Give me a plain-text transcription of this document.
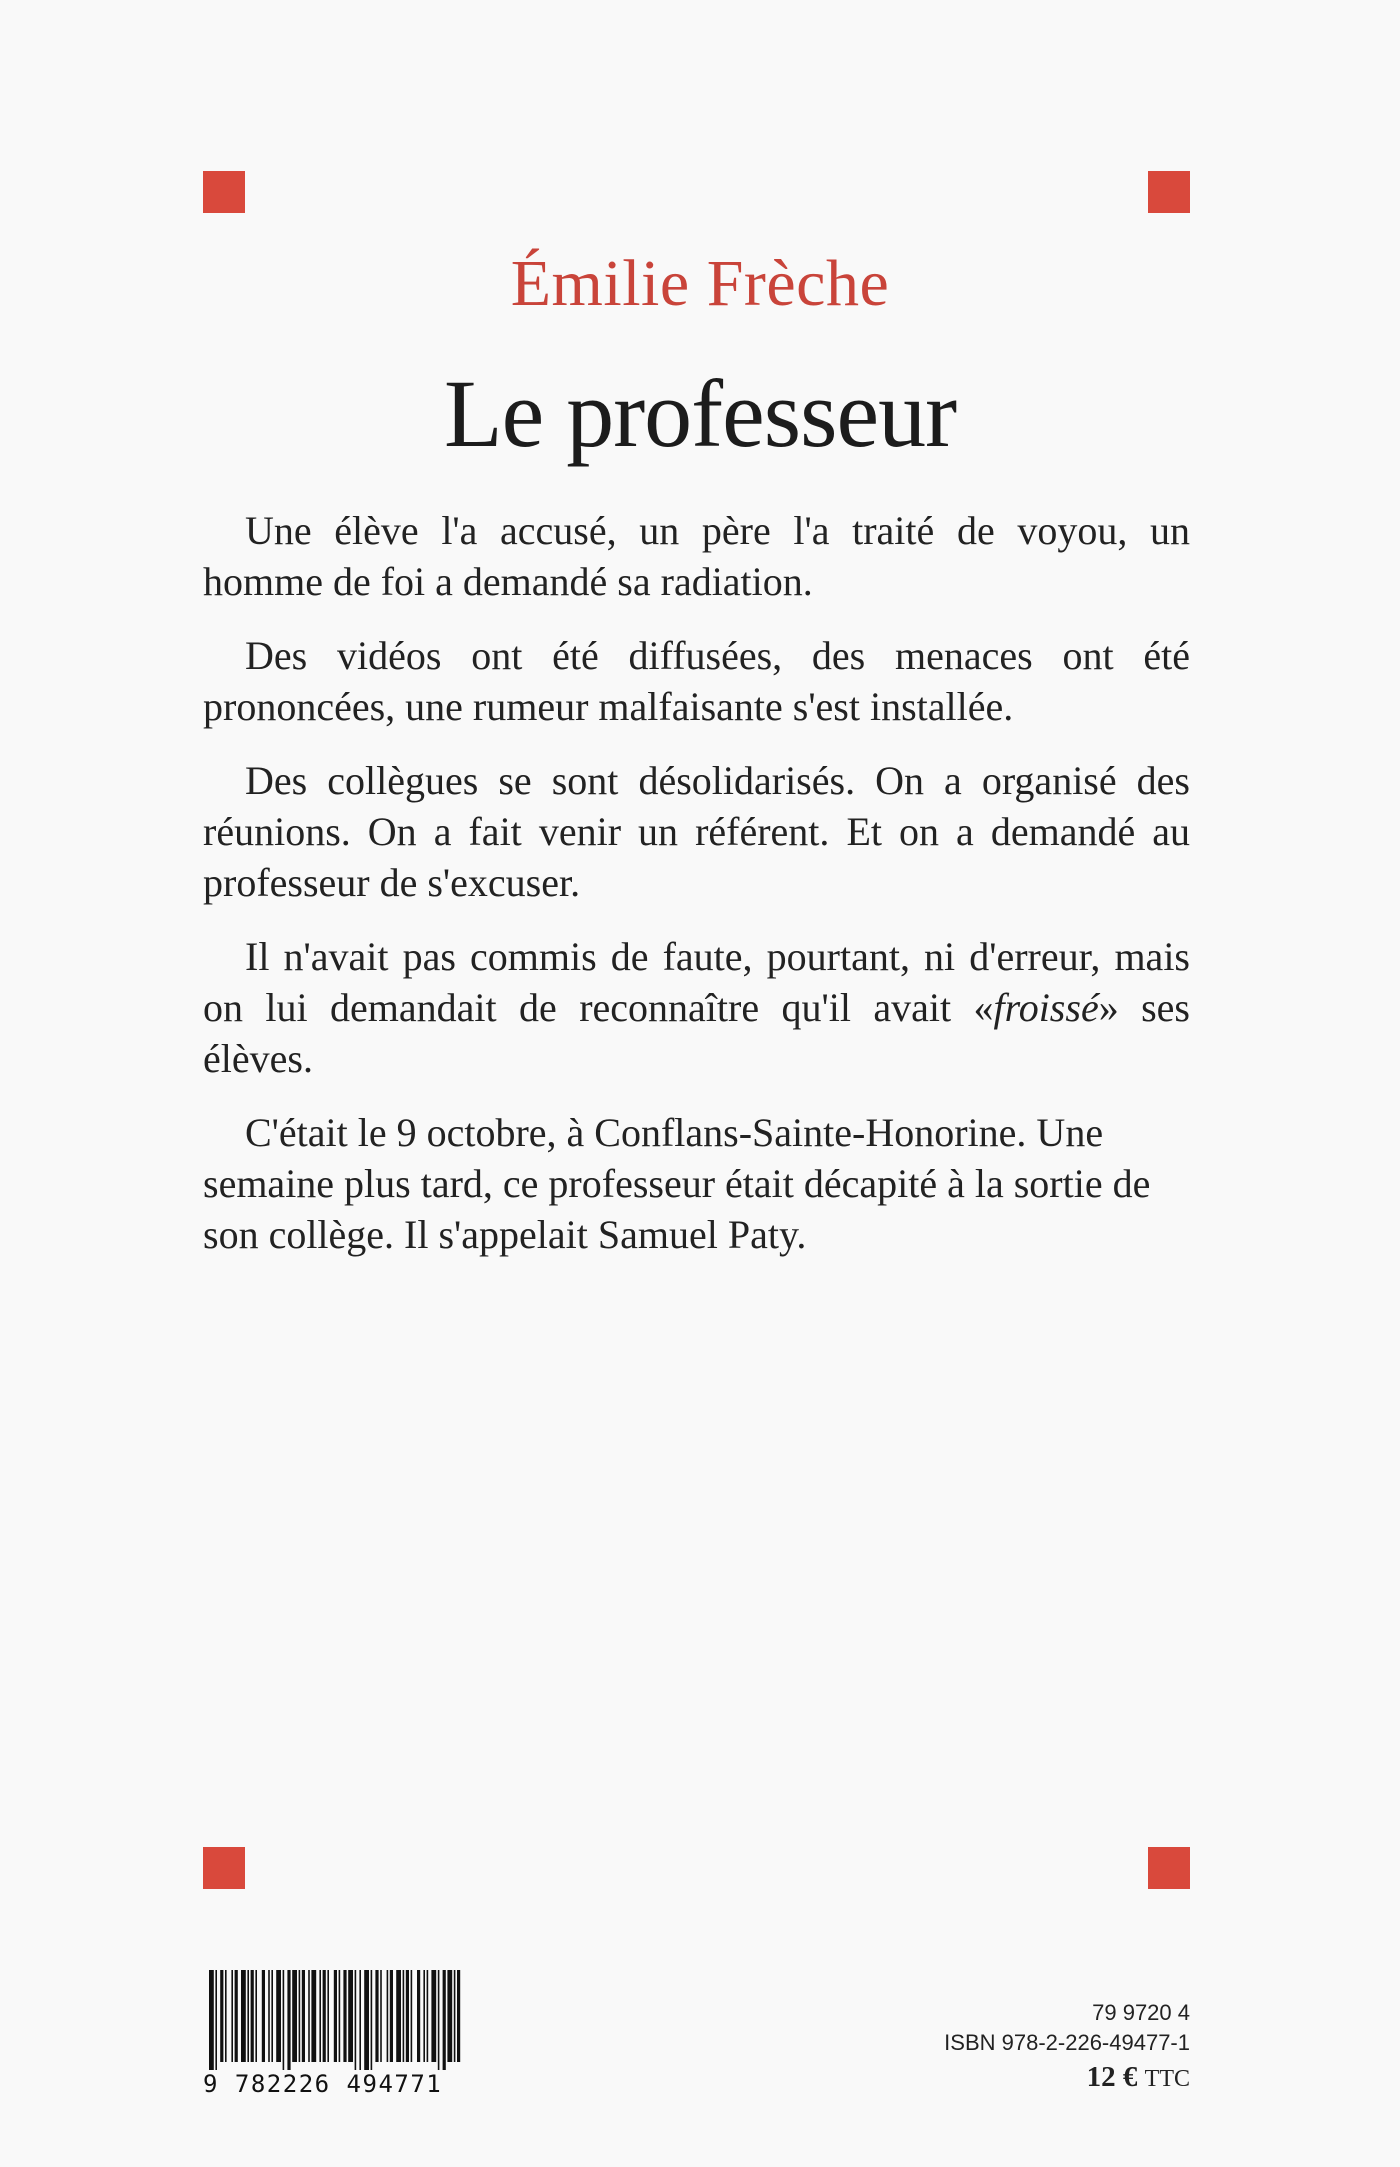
Émilie Frèche
Le professeur

Une élève l'a accusé, un père l'a traité de voyou, un homme de foi a demandé sa radiation.

Des vidéos ont été diffusées, des menaces ont été prononcées, une rumeur malfaisante s'est installée.

Des collègues se sont désolidarisés. On a organisé des réunions. On a fait venir un référent. Et on a demandé au professeur de s'excuser.

Il n'avait pas commis de faute, pourtant, ni d'erreur, mais on lui demandait de reconnaître qu'il avait «froissé» ses élèves.

C'était le 9 octobre, à Conflans-Sainte-Honorine. Une semaine plus tard, ce professeur était décapité à la sortie de son collège. Il s'appelait Samuel Paty.

9 782226 494771
79 9720 4
ISBN 978-2-226-49477-1
12 € TTC
